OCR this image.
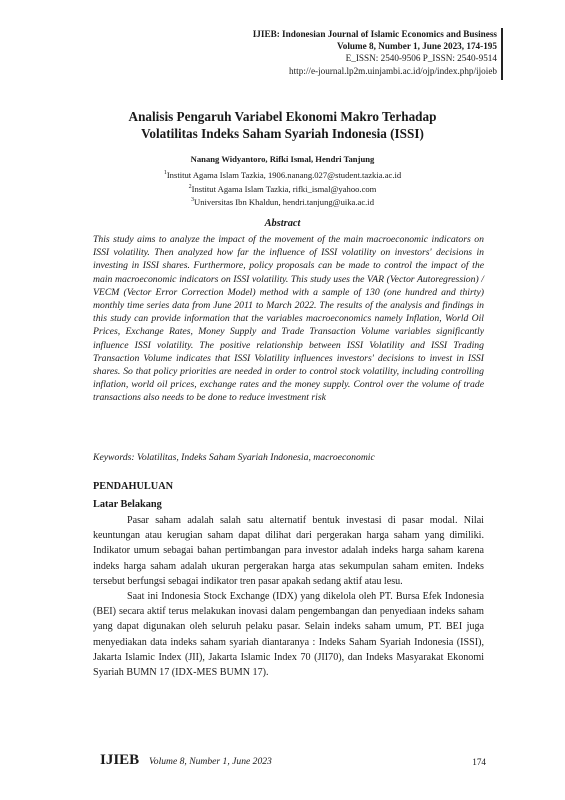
IJIEB: Indonesian Journal of Islamic Economics and Business
Volume 8, Number 1, June 2023, 174-195
E_ISSN: 2540-9506 P_ISSN: 2540-9514
http://e-journal.lp2m.uinjambi.ac.id/ojp/index.php/ijoieb
Analisis Pengaruh Variabel Ekonomi Makro Terhadap
Volatilitas Indeks Saham Syariah Indonesia (ISSI)
Nanang Widyantoro, Rifki Ismal, Hendri Tanjung
$^1$Institut Agama Islam Tazkia, 1906.nanang.027@student.tazkia.ac.id
$^2$Institut Agama Islam Tazkia, rifki_ismal@yahoo.com
$^3$Universitas Ibn Khaldun, hendri.tanjung@uika.ac.id
Abstract
This study aims to analyze the impact of the movement of the main macroeconomic indicators on ISSI volatility. Then analyzed how far the influence of ISSI volatility on investors' decisions in investing in ISSI shares. Furthermore, policy proposals can be made to control the impact of the main macroeconomic indicators on ISSI volatility. This study uses the VAR (Vector Autoregression) / VECM (Vector Error Correction Model) method with a sample of 130 (one hundred and thirty) monthly time series data from June 2011 to March 2022. The results of the analysis and findings in this study can provide information that the variables macroeconomics namely Inflation, World Oil Prices, Exchange Rates, Money Supply and Trade Transaction Volume variables significantly influence ISSI volatility. The positive relationship between ISSI Volatility and ISSI Trading Transaction Volume indicates that ISSI Volatility influences investors' decisions to invest in ISSI shares. So that policy priorities are needed in order to control stock volatility, including controlling inflation, world oil prices, exchange rates and the money supply. Control over the volume of trade transactions also needs to be done to reduce investment risk
Keywords: Volatilitas, Indeks Saham Syariah Indonesia, macroeconomic
PENDAHULUAN
Latar Belakang

Pasar saham adalah salah satu alternatif bentuk investasi di pasar modal. Nilai keuntungan atau kerugian saham dapat dilihat dari pergerakan harga saham yang dimiliki. Indikator umum sebagai bahan pertimbangan para investor adalah indeks harga saham karena indeks harga saham adalah ukuran pergerakan harga atas sekumpulan saham emiten. Indeks tersebut berfungsi sebagai indikator tren pasar apakah sedang aktif atau lesu.

Saat ini Indonesia Stock Exchange (IDX) yang dikelola oleh PT. Bursa Efek Indonesia (BEI) secara aktif terus melakukan inovasi dalam pengembangan dan penyediaan indeks saham yang dapat digunakan oleh seluruh pelaku pasar. Selain indeks saham umum, PT. BEI juga menyediakan data indeks saham syariah diantaranya : Indeks Saham Syariah Indonesia (ISSI), Jakarta Islamic Index (JII), Jakarta Islamic Index 70 (JII70), dan Indeks Masyarakat Ekonomi Syariah BUMN 17 (IDX-MES BUMN 17).

IJIEB Volume 8, Number 1, June 2023	174
